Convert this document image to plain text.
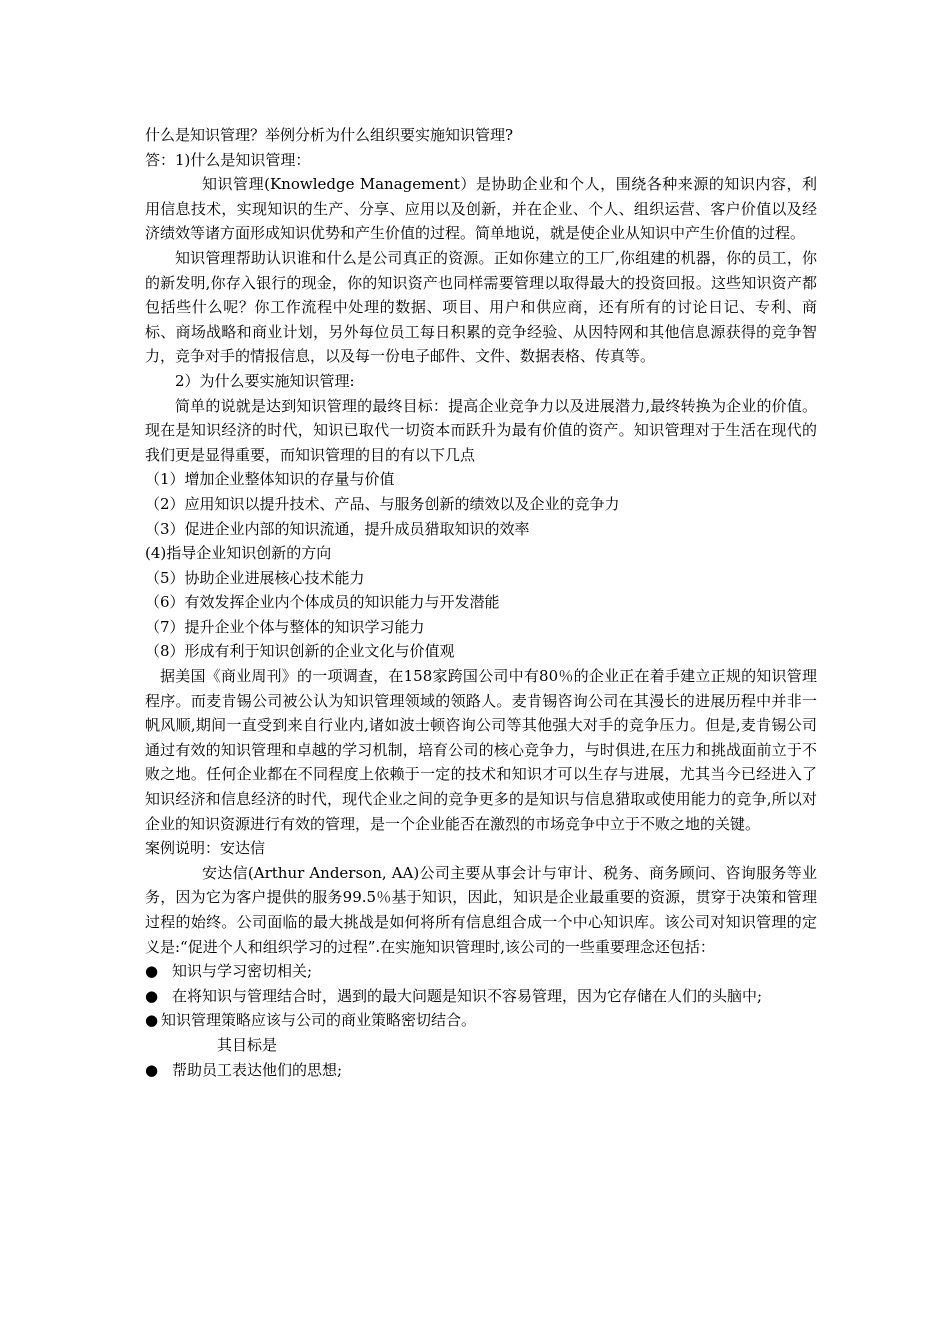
什么是知识管理？举例分析为什么组织要实施知识管理?

答：1)什么是知识管理：

知识管理(Knowledge Management）是协助企业和个人，围绕各种来源的知识内容，利用信息技术，实现知识的生产、分享、应用以及创新，并在企业、个人、组织运营、客户价值以及经济绩效等诸方面形成知识优势和产生价值的过程。简单地说，就是使企业从知识中产生价值的过程。

知识管理帮助认识谁和什么是公司真正的资源。正如你建立的工厂,你组建的机器，你的员工，你的新发明,你存入银行的现金，你的知识资产也同样需要管理以取得最大的投资回报。这些知识资产都包括些什么呢？你工作流程中处理的数据、项目、用户和供应商，还有所有的讨论日记、专利、商标、商场战略和商业计划，另外每位员工每日积累的竞争经验、从因特网和其他信息源获得的竞争智力，竞争对手的情报信息，以及每一份电子邮件、文件、数据表格、传真等。

2）为什么要实施知识管理:

简单的说就是达到知识管理的最终目标：提高企业竞争力以及进展潜力,最终转换为企业的价值。现在是知识经济的时代，知识已取代一切资本而跃升为最有价值的资产。知识管理对于生活在现代的我们更是显得重要，而知识管理的目的有以下几点

（1）增加企业整体知识的存量与价值

（2）应用知识以提升技术、产品、与服务创新的绩效以及企业的竞争力

（3）促进企业内部的知识流通，提升成员猎取知识的效率

(4)指导企业知识创新的方向

（5）协助企业进展核心技术能力

（6）有效发挥企业内个体成员的知识能力与开发潜能

（7）提升企业个体与整体的知识学习能力

（8）形成有利于知识创新的企业文化与价值观

据美国《商业周刊》的一项调查，在158家跨国公司中有80％的企业正在着手建立正规的知识管理程序。而麦肯锡公司被公认为知识管理领域的领路人。麦肯锡咨询公司在其漫长的进展历程中并非一帆风顺,期间一直受到来自行业内,诸如波士顿咨询公司等其他强大对手的竞争压力。但是,麦肯锡公司通过有效的知识管理和卓越的学习机制，培育公司的核心竞争力，与时俱进,在压力和挑战面前立于不败之地。任何企业都在不同程度上依赖于一定的技术和知识才可以生存与进展，尤其当今已经进入了知识经济和信息经济的时代，现代企业之间的竞争更多的是知识与信息猎取或使用能力的竞争,所以对企业的知识资源进行有效的管理，是一个企业能否在激烈的市场竞争中立于不败之地的关键。

案例说明：安达信

安达信(Arthur Anderson, AA)公司主要从事会计与审计、税务、商务顾问、咨询服务等业务，因为它为客户提供的服务99.5％基于知识，因此，知识是企业最重要的资源，贯穿于决策和管理过程的始终。公司面临的最大挑战是如何将所有信息组合成一个中心知识库。该公司对知识管理的定义是:“促进个人和组织学习的过程”.在实施知识管理时,该公司的一些重要理念还包括：

● 知识与学习密切相关;
● 在将知识与管理结合时，遇到的最大问题是知识不容易管理，因为它存储在人们的头脑中;
● 知识管理策略应该与公司的商业策略密切结合。

其目标是

● 帮助员工表达他们的思想;
